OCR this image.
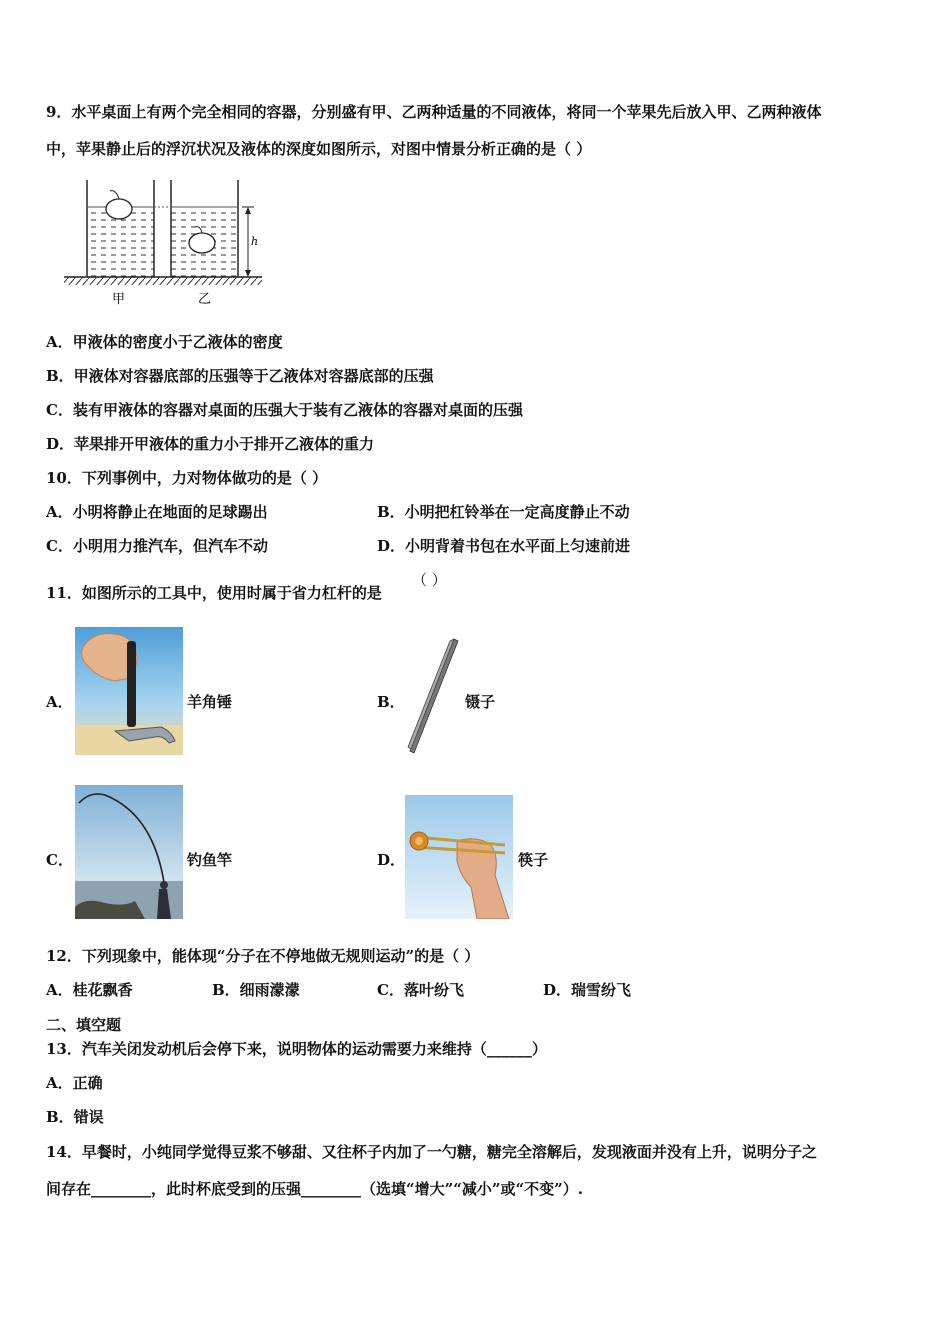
9．水平桌面上有两个完全相同的容器，分别盛有甲、乙两种适量的不同液体，将同一个苹果先后放入甲、乙两种液体
中，苹果静止后的浮沉状况及液体的深度如图所示，对图中情景分析正确的是（ ）
h
甲	乙
A．甲液体的密度小于乙液体的密度
B．甲液体对容器底部的压强等于乙液体对容器底部的压强
C．装有甲液体的容器对桌面的压强大于装有乙液体的容器对桌面的压强
D．苹果排开甲液体的重力小于排开乙液体的重力
10．下列事例中，力对物体做功的是（ ）
A．小明将静止在地面的足球踢出	B．小明把杠铃举在一定高度静止不动
C．小明用力推汽车，但汽车不动	D．小明背着书包在水平面上匀速前进
11．如图所示的工具中，使用时属于省力杠杆的是
（ ）
A．	羊角锤	B．	镊子
C．	钓鱼竿	D．	筷子
12．下列现象中，能体现“分子在不停地做无规则运动”的是（ ）
A．桂花飘香	B．细雨濛濛	C．落叶纷飞	D．瑞雪纷飞
二、填空题
13．汽车关闭发动机后会停下来，说明物体的运动需要力来维持（______）
A．正确
B．错误
14．早餐时，小纯同学觉得豆浆不够甜、又往杯子内加了一勺糖，糖完全溶解后，发现液面并没有上升，说明分子之
间存在________，此时杯底受到的压强________（选填“增大”“减小”或“不变”）.
